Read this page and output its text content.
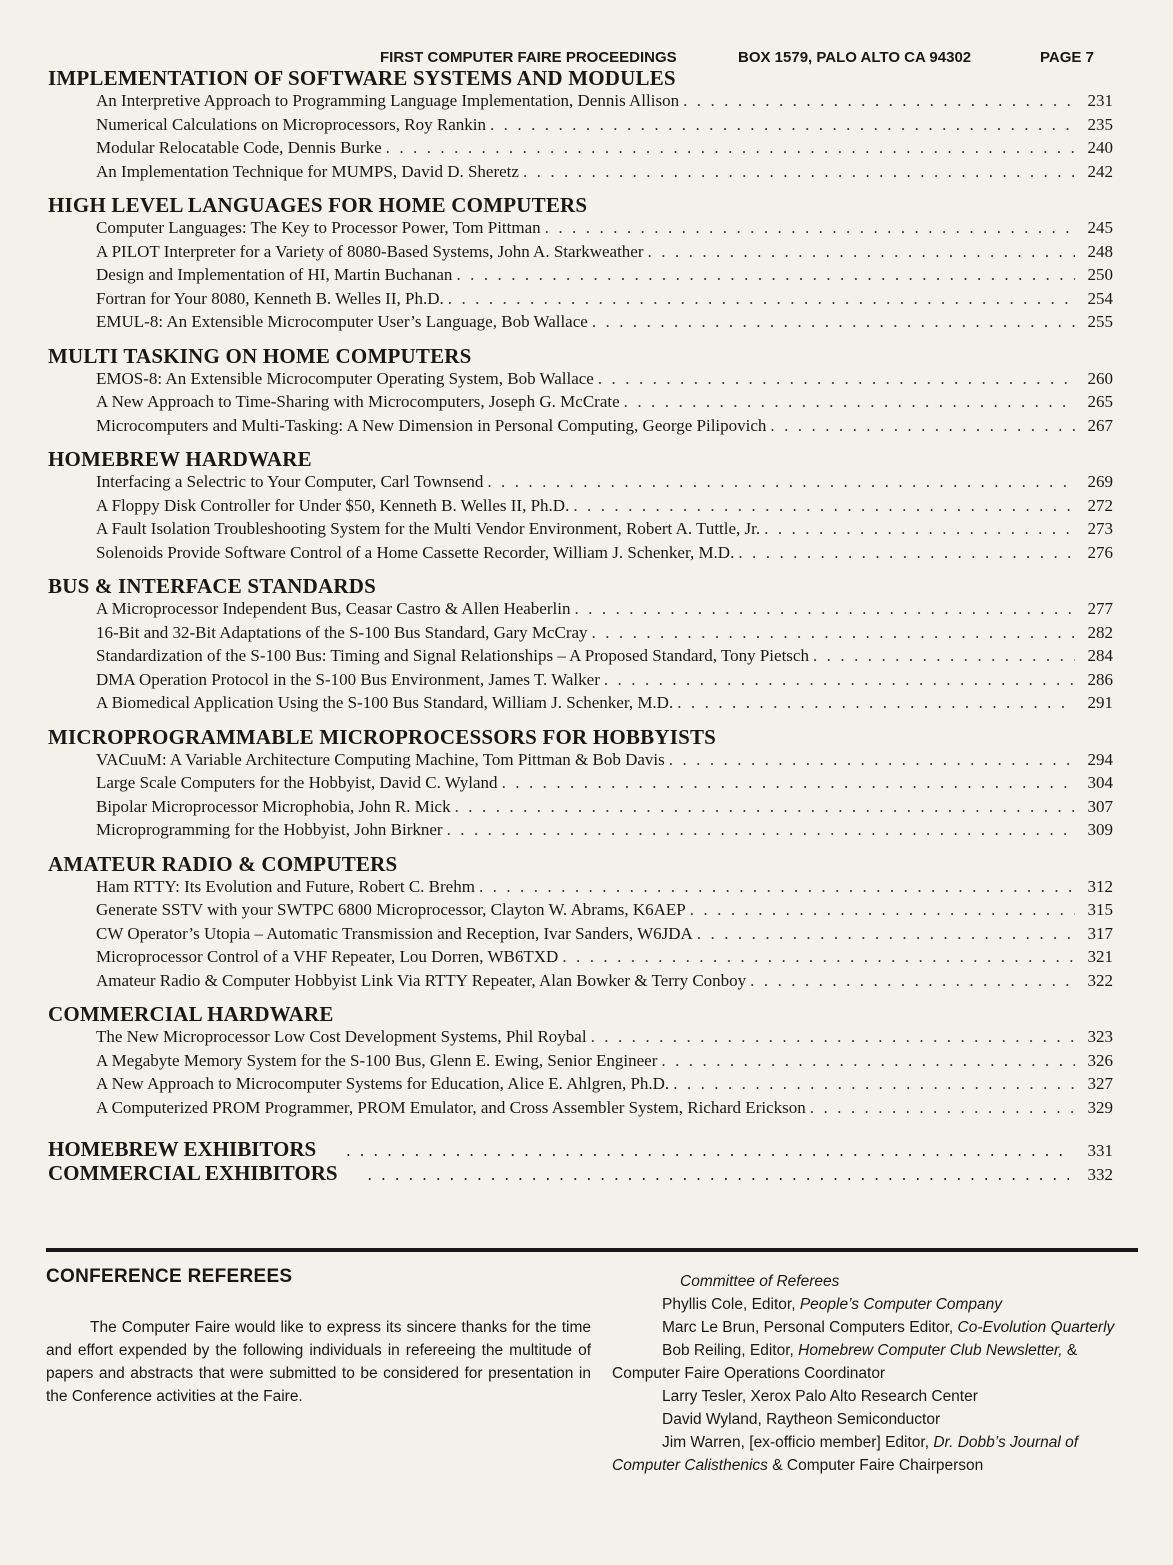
FIRST COMPUTER FAIRE PROCEEDINGS	BOX 1579, PALO ALTO CA 94302	PAGE 7
IMPLEMENTATION OF SOFTWARE SYSTEMS AND MODULES
An Interpretive Approach to Programming Language Implementation, Dennis Allison . . .	231
Numerical Calculations on Microprocessors, Roy Rankin . . .	235
Modular Relocatable Code, Dennis Burke . . .	240
An Implementation Technique for MUMPS, David D. Sheretz . . .	242
HIGH LEVEL LANGUAGES FOR HOME COMPUTERS
Computer Languages: The Key to Processor Power, Tom Pittman . . .	245
A PILOT Interpreter for a Variety of 8080-Based Systems, John A. Starkweather . . .	248
Design and Implementation of HI, Martin Buchanan . . .	250
Fortran for Your 8080, Kenneth B. Welles II, Ph.D. . . .	254
EMUL-8: An Extensible Microcomputer User’s Language, Bob Wallace . . .	255
MULTI TASKING ON HOME COMPUTERS
EMOS-8: An Extensible Microcomputer Operating System, Bob Wallace . . .	260
A New Approach to Time-Sharing with Microcomputers, Joseph G. McCrate . . .	265
Microcomputers and Multi-Tasking: A New Dimension in Personal Computing, George Pilipovich . . .	267
HOMEBREW HARDWARE
Interfacing a Selectric to Your Computer, Carl Townsend . . .	269
A Floppy Disk Controller for Under $50, Kenneth B. Welles II, Ph.D. . . .	272
A Fault Isolation Troubleshooting System for the Multi Vendor Environment, Robert A. Tuttle, Jr. . . .	273
Solenoids Provide Software Control of a Home Cassette Recorder, William J. Schenker, M.D. . . .	276
BUS & INTERFACE STANDARDS
A Microprocessor Independent Bus, Ceasar Castro & Allen Heaberlin . . .	277
16-Bit and 32-Bit Adaptations of the S-100 Bus Standard, Gary McCray . . .	282
Standardization of the S-100 Bus: Timing and Signal Relationships – A Proposed Standard, Tony Pietsch . . .	284
DMA Operation Protocol in the S-100 Bus Environment, James T. Walker . . .	286
A Biomedical Application Using the S-100 Bus Standard, William J. Schenker, M.D. . . .	291
MICROPROGRAMMABLE MICROPROCESSORS FOR HOBBYISTS
VACuuM: A Variable Architecture Computing Machine, Tom Pittman & Bob Davis . . .	294
Large Scale Computers for the Hobbyist, David C. Wyland . . .	304
Bipolar Microprocessor Microphobia, John R. Mick . . .	307
Microprogramming for the Hobbyist, John Birkner . . .	309
AMATEUR RADIO & COMPUTERS
Ham RTTY: Its Evolution and Future, Robert C. Brehm . . .	312
Generate SSTV with your SWTPC 6800 Microprocessor, Clayton W. Abrams, K6AEP . . .	315
CW Operator’s Utopia – Automatic Transmission and Reception, Ivar Sanders, W6JDA . . .	317
Microprocessor Control of a VHF Repeater, Lou Dorren, WB6TXD . . .	321
Amateur Radio & Computer Hobbyist Link Via RTTY Repeater, Alan Bowker & Terry Conboy . . .	322
COMMERCIAL HARDWARE
The New Microprocessor Low Cost Development Systems, Phil Roybal . . .	323
A Megabyte Memory System for the S-100 Bus, Glenn E. Ewing, Senior Engineer . . .	326
A New Approach to Microcomputer Systems for Education, Alice E. Ahlgren, Ph.D. . . .	327
A Computerized PROM Programmer, PROM Emulator, and Cross Assembler System, Richard Erickson . . .	329
HOMEBREW EXHIBITORS . . .	331
COMMERCIAL EXHIBITORS . . .	332
CONFERENCE REFEREES
The Computer Faire would like to express its sincere thanks for the time and effort expended by the following individuals in refereeing the multitude of papers and abstracts that were submitted to be considered for presentation in the Conference activities at the Faire.
Committee of Referees
Phyllis Cole, Editor, People’s Computer Company
Marc Le Brun, Personal Computers Editor, Co-Evolution Quarterly
Bob Reiling, Editor, Homebrew Computer Club Newsletter, & Computer Faire Operations Coordinator
Larry Tesler, Xerox Palo Alto Research Center
David Wyland, Raytheon Semiconductor
Jim Warren, [ex-officio member] Editor, Dr. Dobb’s Journal of Computer Calisthenics & Computer Faire Chairperson
